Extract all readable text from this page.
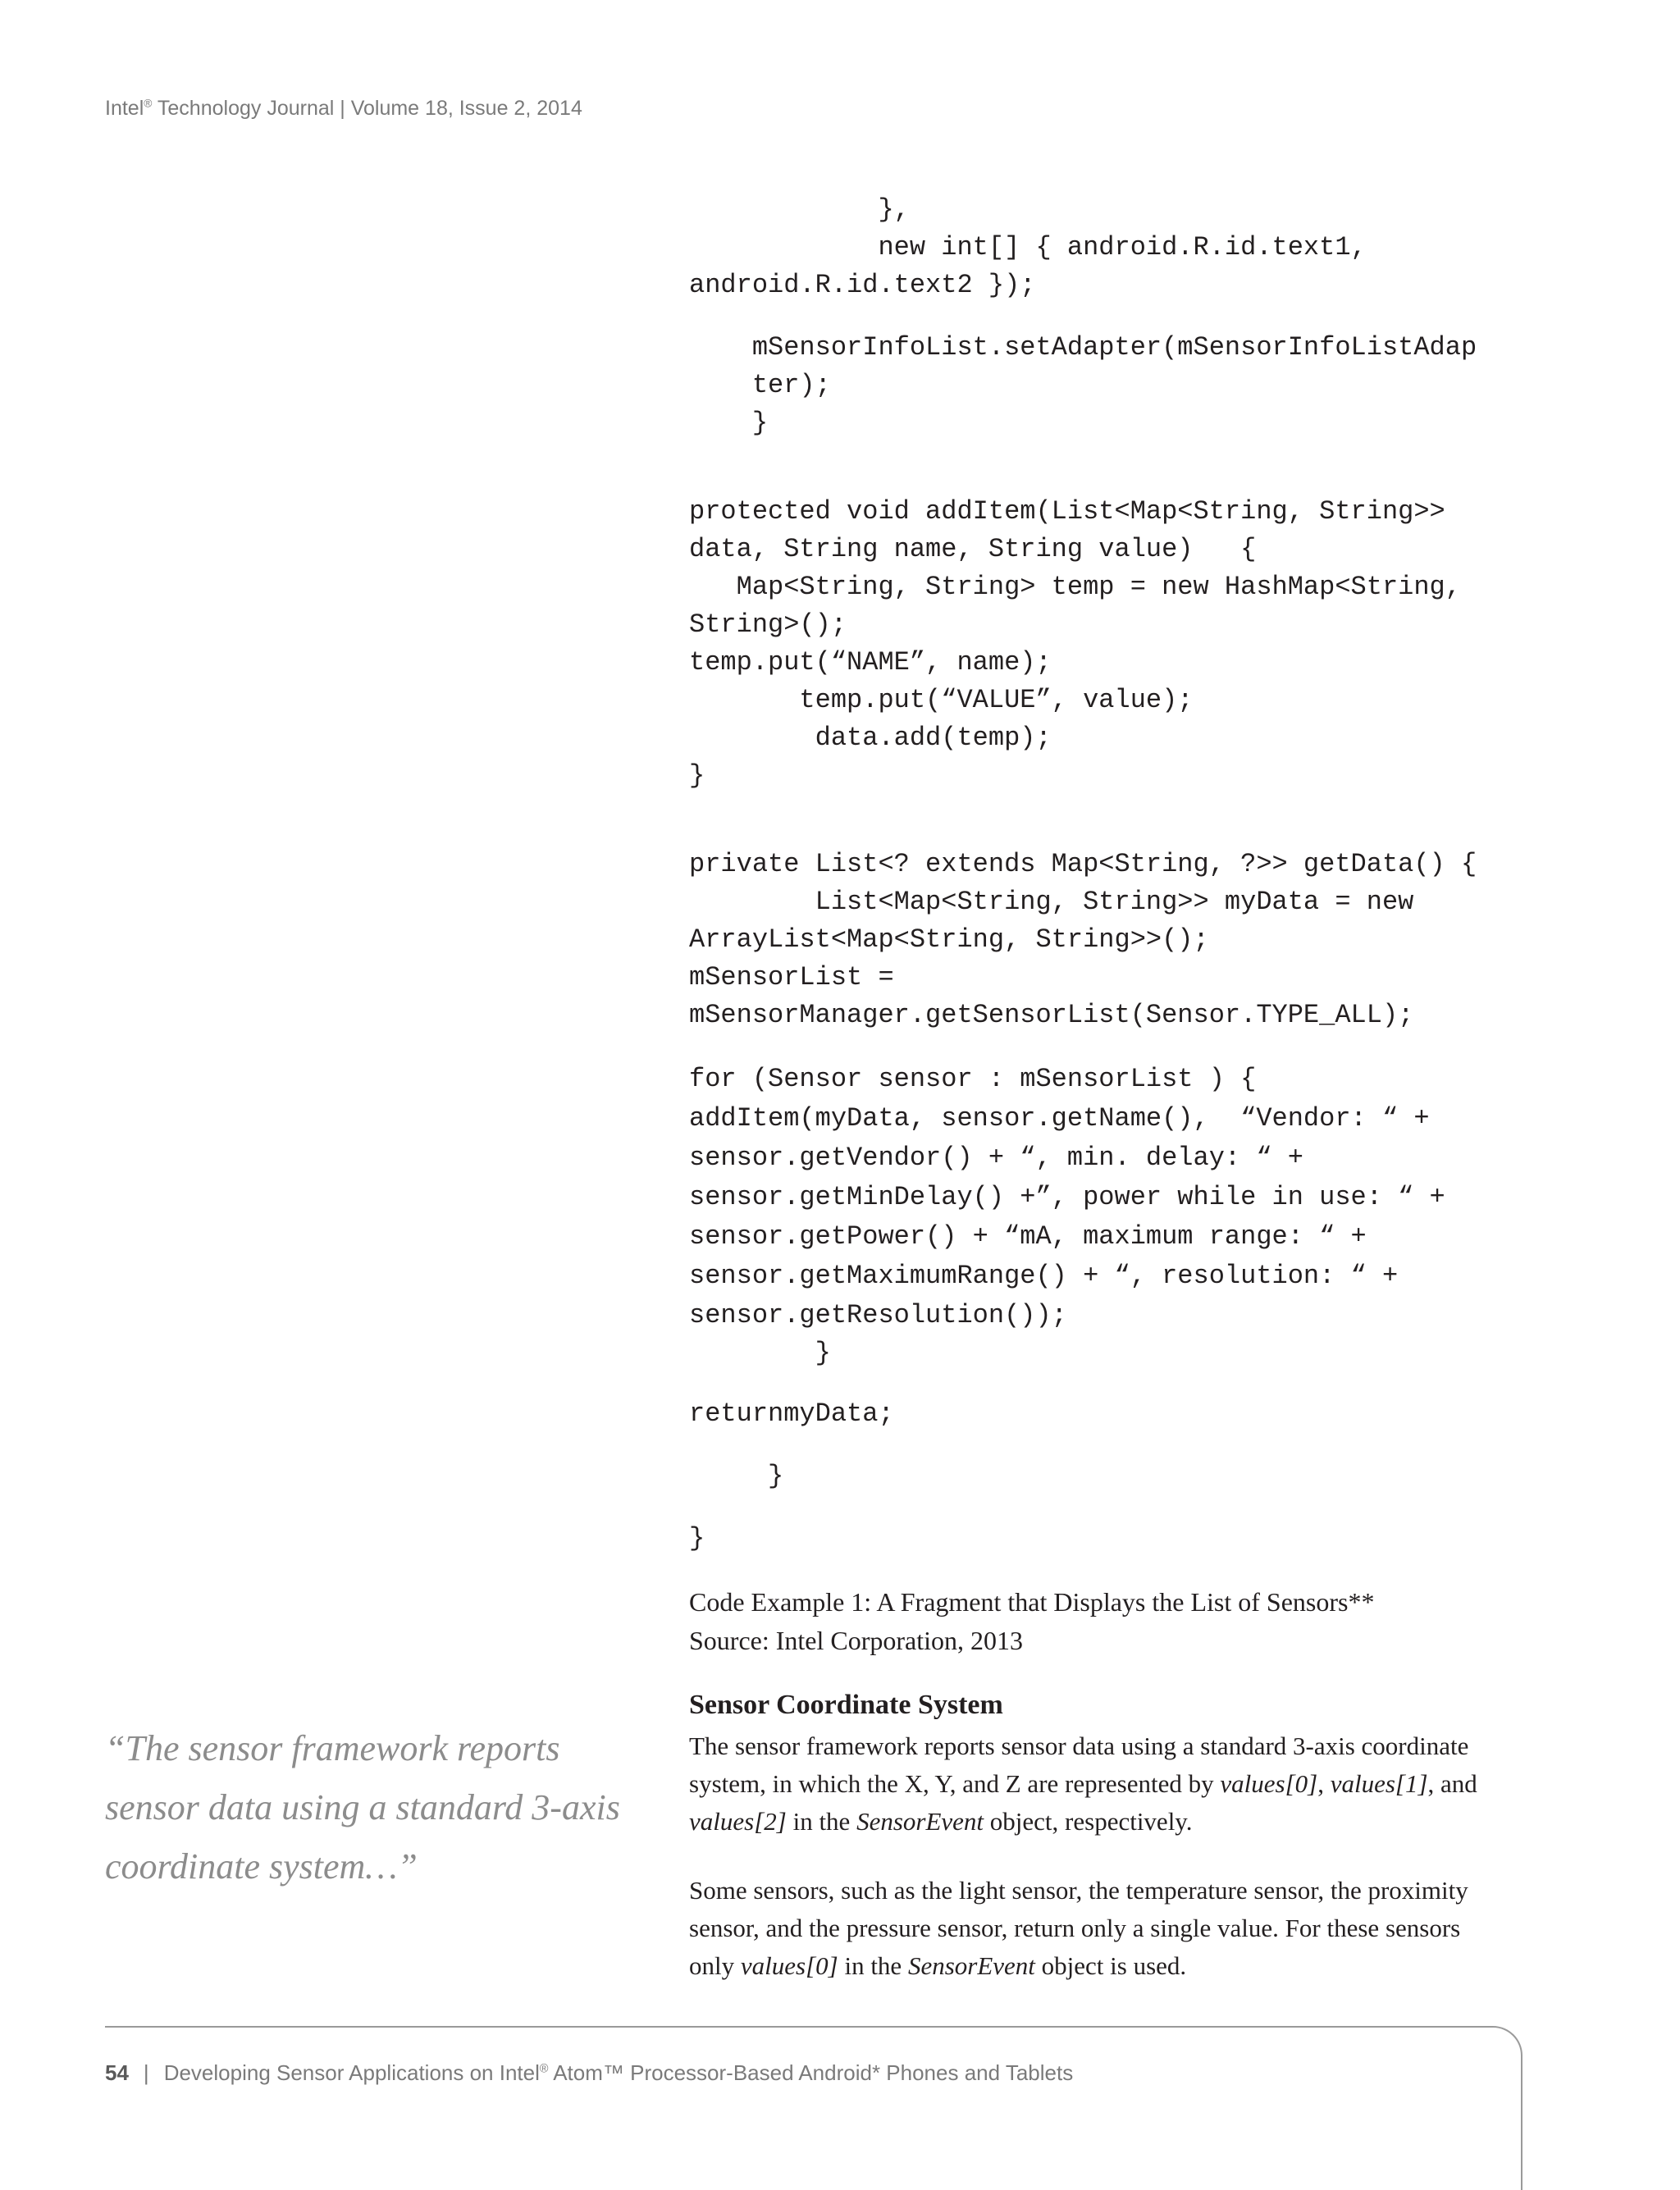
Intel® Technology Journal | Volume 18, Issue 2, 2014

},

new int[] { android.R.id.text1,

android.R.id.text2 });

mSensorInfoList.setAdapter(mSensorInfoListAdap

ter);

}

protected void addItem(List<Map<String, String>>

data, String name, String value)   {

Map<String, String> temp = new HashMap<String,

String>();

temp.put(“NAME”, name);

temp.put(“VALUE”, value);

data.add(temp);

}

private List<? extends Map<String, ?>> getData() {

List<Map<String, String>> myData = new

ArrayList<Map<String, String>>();

mSensorList =

mSensorManager.getSensorList(Sensor.TYPE_ALL);

for (Sensor sensor : mSensorList ) {

addItem(myData, sensor.getName(),  “Vendor: “ +

sensor.getVendor() + “, min. delay: “ +

sensor.getMinDelay() +”, power while in use: “ +

sensor.getPower() + “mA, maximum range: “ +

sensor.getMaximumRange() + “, resolution: “ +

sensor.getResolution());

}

returnmyData;

}

}

Code Example 1: A Fragment that Displays the List of Sensors**
Source: Intel Corporation, 2013
Sensor Coordinate System
The sensor framework reports sensor data using a standard 3-axis coordinate system, in which the X, Y, and Z are represented by values[0], values[1], and values[2] in the SensorEvent object, respectively.
Some sensors, such as the light sensor, the temperature sensor, the proximity sensor, and the pressure sensor, return only a single value. For these sensors only values[0] in the SensorEvent object is used.
“The sensor framework reports sensor data using a standard 3-axis coordinate system…”
54 | Developing Sensor Applications on Intel® Atom™ Processor-Based Android* Phones and Tablets
